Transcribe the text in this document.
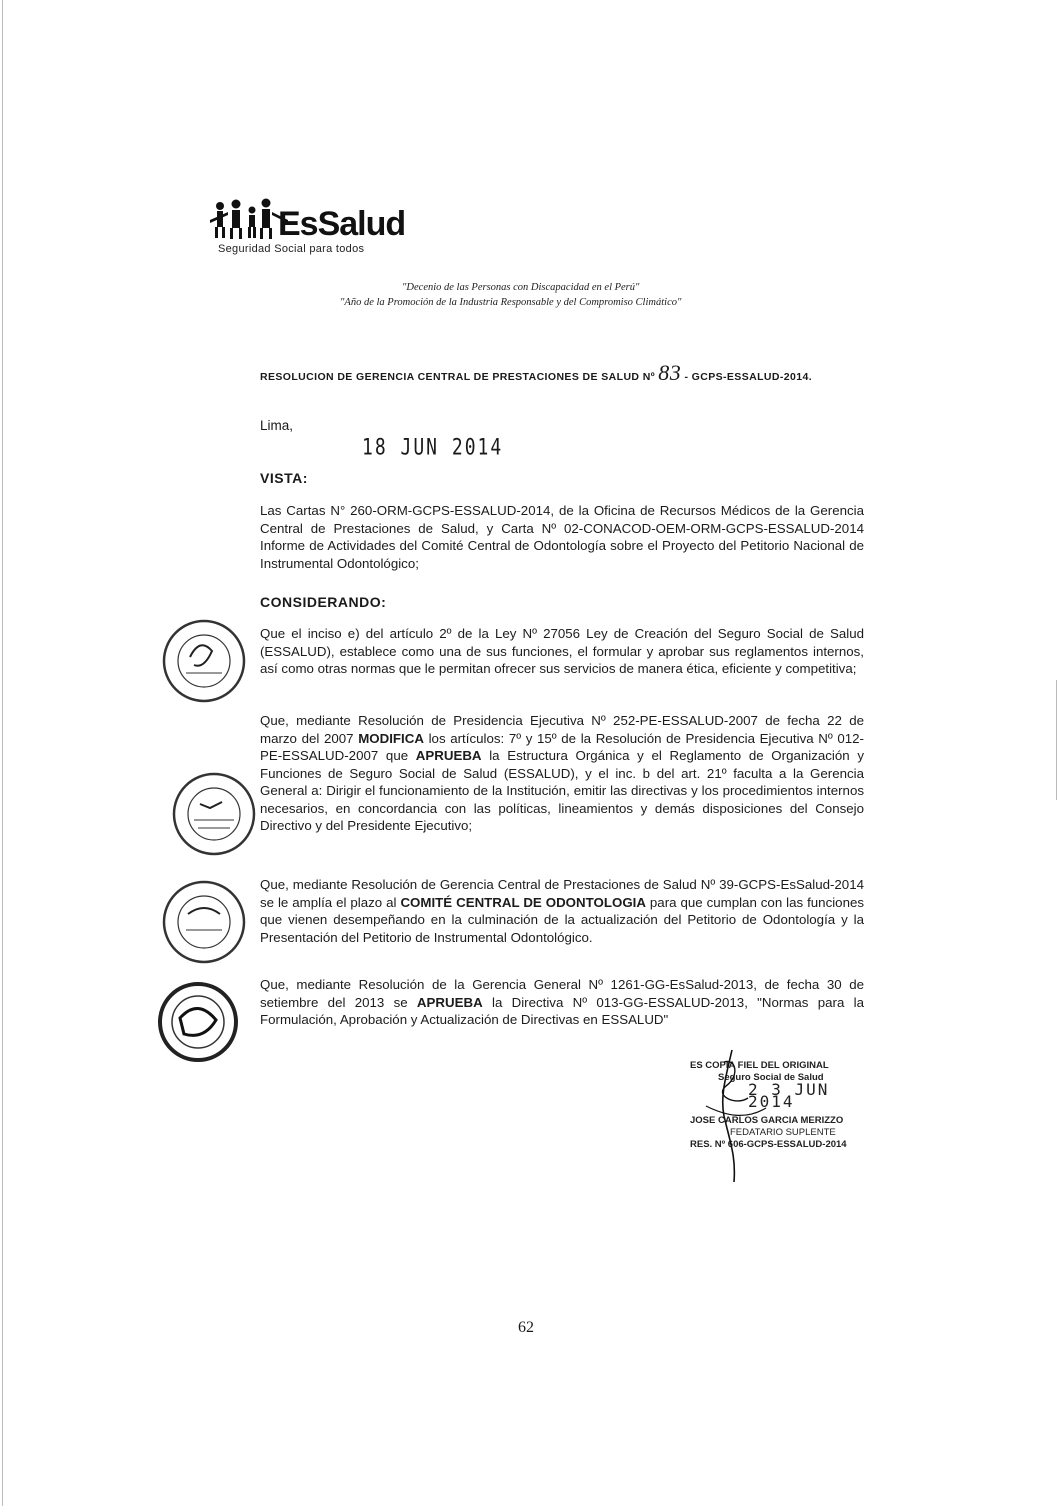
EsSalud
Seguridad Social para todos
"Decenio de las Personas con Discapacidad en el Perú"
"Año de la Promoción de la Industria Responsable y del Compromiso Climático"
RESOLUCION DE GERENCIA CENTRAL DE PRESTACIONES DE SALUD Nº 83 - GCPS-ESSALUD-2014.
Lima,
18 JUN 2014
VISTA:
Las Cartas N° 260-ORM-GCPS-ESSALUD-2014, de la Oficina de Recursos Médicos de la Gerencia Central de Prestaciones de Salud, y Carta Nº 02-CONACOD-OEM-ORM-GCPS-ESSALUD-2014 Informe de Actividades del Comité Central de Odontología sobre el Proyecto del Petitorio Nacional de Instrumental Odontológico;
CONSIDERANDO:
Que el inciso e) del artículo 2º de la Ley Nº 27056 Ley de Creación del Seguro Social de Salud (ESSALUD), establece como una de sus funciones, el formular y aprobar sus reglamentos internos, así como otras normas que le permitan ofrecer sus servicios de manera ética, eficiente y competitiva;
Que, mediante Resolución de Presidencia Ejecutiva Nº 252-PE-ESSALUD-2007 de fecha 22 de marzo del 2007 MODIFICA los artículos: 7º y 15º de la Resolución de Presidencia Ejecutiva Nº 012-PE-ESSALUD-2007 que APRUEBA la Estructura Orgánica y el Reglamento de Organización y Funciones de Seguro Social de Salud (ESSALUD), y el inc. b del art. 21º faculta a la Gerencia General a: Dirigir el funcionamiento de la Institución, emitir las directivas y los procedimientos internos necesarios, en concordancia con las políticas, lineamientos y demás disposiciones del Consejo Directivo y del Presidente Ejecutivo;
Que, mediante Resolución de Gerencia Central de Prestaciones de Salud Nº 39-GCPS-EsSalud-2014 se le amplía el plazo al COMITÉ CENTRAL DE ODONTOLOGIA para que cumplan con las funciones que vienen desempeñando en la culminación de la actualización del Petitorio de Odontología y la Presentación del Petitorio de Instrumental Odontológico.
Que, mediante Resolución de la Gerencia General Nº 1261-GG-EsSalud-2013, de fecha 30 de setiembre del 2013 se APRUEBA la Directiva Nº 013-GG-ESSALUD-2013, "Normas para la Formulación, Aprobación y Actualización de Directivas en ESSALUD"
ES COPIA FIEL DEL ORIGINAL
Seguro Social de Salud
2 3 JUN 2014
JOSE CARLOS GARCIA MERIZZO
FEDATARIO SUPLENTE
RES. Nº 606-GCPS-ESSALUD-2014
62
